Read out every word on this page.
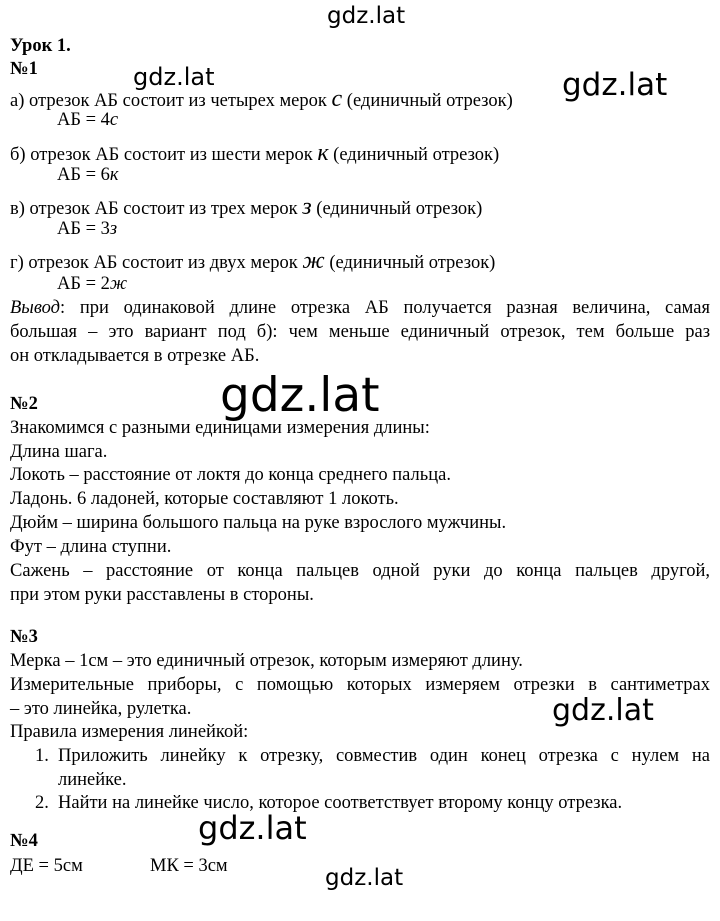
gdz.lat
gdz.lat	gdz.lat
gdz.lat
gdz.lat
gdz.lat
gdz.lat
Урок 1.
№1
а) отрезок АБ состоит из четырех мерок с (единичный отрезок)
АБ = 4с
б) отрезок АБ состоит из шести мерок к (единичный отрезок)
АБ = 6к
в) отрезок АБ состоит из трех мерок з (единичный отрезок)
АБ = 3з
г) отрезок АБ состоит из двух мерок ж (единичный отрезок)
АБ = 2ж
Вывод: при одинаковой длине отрезка АБ получается разная величина, самая
большая – это вариант под б): чем меньше единичный отрезок, тем больше раз
он откладывается в отрезке АБ.
№2
Знакомимся с разными единицами измерения длины:
Длина шага.
Локоть – расстояние от локтя до конца среднего пальца.
Ладонь. 6 ладоней, которые составляют 1 локоть.
Дюйм – ширина большого пальца на руке взрослого мужчины.
Фут – длина ступни.
Сажень – расстояние от конца пальцев одной руки до конца пальцев другой,
при этом руки расставлены в стороны.
№3
Мерка – 1см – это единичный отрезок, которым измеряют длину.
Измерительные приборы, с помощью которых измеряем отрезки в сантиметрах
– это линейка, рулетка.
Правила измерения линейкой:
1. Приложить линейку к отрезку, совместив один конец отрезка с нулем на
линейке.
2. Найти на линейке число, которое соответствует второму концу отрезка.
№4
ДЕ = 5см	МК = 3см
